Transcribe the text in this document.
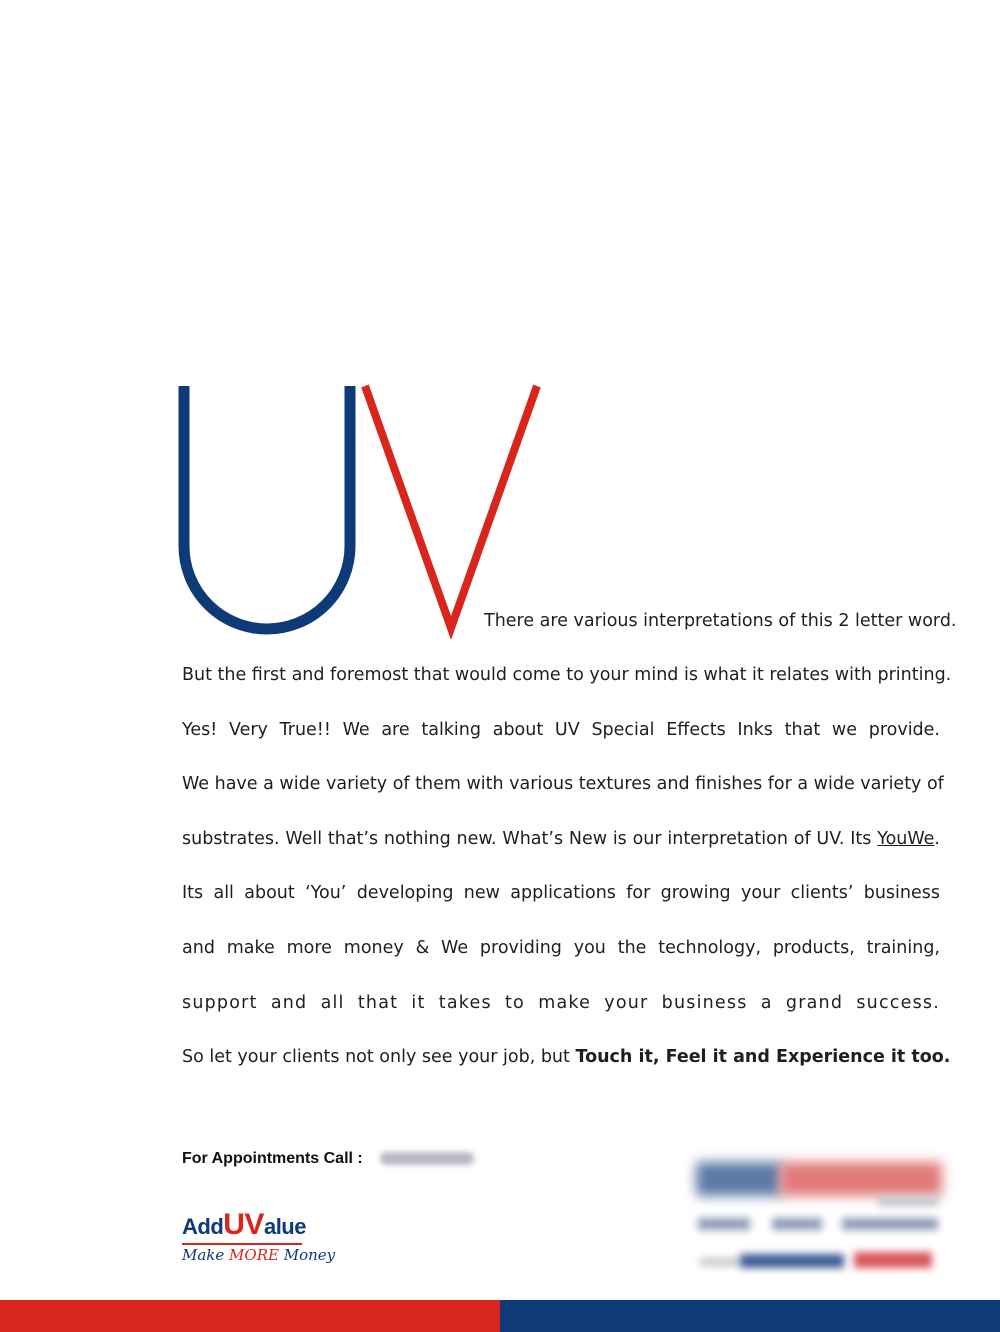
There are various interpretations of this 2 letter word.
But the first and foremost that would come to your mind is what it relates with printing.
Yes! Very True!! We are talking about UV Special Effects Inks that we provide.
We have a wide variety of them with various textures and finishes for a wide variety of
substrates. Well that’s nothing new. What’s New is our interpretation of UV. Its YouWe.
Its all about ‘You’ developing new applications for growing your clients’ business
and make more money & We providing you the technology, products, training,
support and all that it takes to make your business a grand success.
So let your clients not only see your job, but Touch it, Feel it and Experience it too.
For Appointments Call :
AddUValue
Make MORE Money
